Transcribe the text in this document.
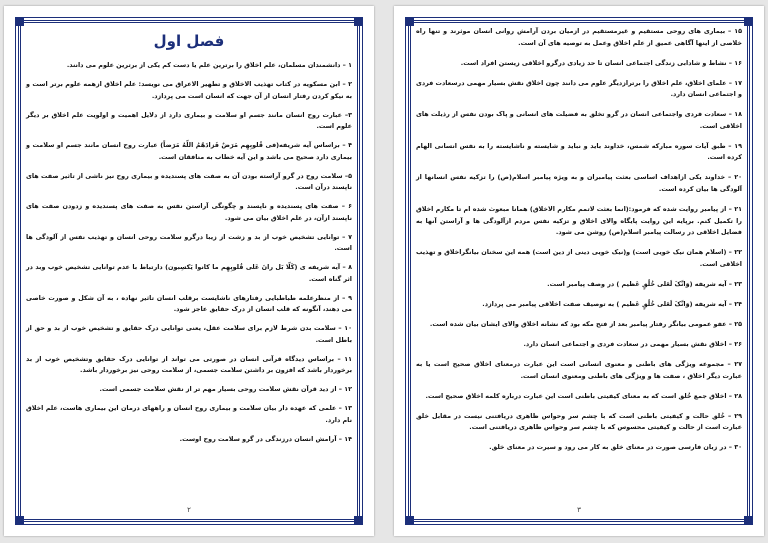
فصل اول
۱ – دانشمندان مسلمان، علم اخلاق را برترین علم یا دست کم یکی از برترین علوم می دانند.
۲ – ابن مسکویه در کتاب تهذیب الاخلاق و تطهیر الاعراق می نویسد: علم اخلاق ازهمه علوم برتر است و به نیکو کردن رفتار انسان از آن جهت که انسان است می پردازد.
۳– عبارت روح انسان مانند جسم او سلامت و بیماری دارد از دلایل اهمیت و اولویت علم اخلاق بر دیگر علوم است.
۴ – براساس آیه شریفه(فی قُلوبِهِم مَرَضٌ فَزادَهُمُ اللّهُ مَرَضاً) عبارت روح انسان مانند جسم او سلامت و بیماری دارد صحیح می باشد و این آیه خطاب به منافقان است.
۵– سلامت روح در گرو آراسته بودن آن به صفت های پسندیده و بیماری روح نیز ناشی از تاثیر صفت های ناپسند درآن است.
۶ – صفت های پسندیده و ناپسند و چگونگی آراستن نفس به صفت های پسندیده و زدودن صفت های ناپسند ازآن، در علم اخلاق بیان می شود.
۷ – توانایی تشخیص خوب از بد و زشت از زیبا درگرو سلامت روحی انسان و تهذیب نفس از آلودگی ها است.
۸ – آیه شریفه ی (کَلّا بَل رانَ عَلی قُلوبِهِم ما کانوا یَکسِبون) دارتباط با عدم توانایی تشخیص خوب وبد در اثر گناه است.
۹ – از منظرعلمه طباطبایی رفتارهای ناشایست برقلب انسان تاثیر نهاده ، به آن شکل و صورت خاصی می دهند، آنگونه که قلب انسان از درک حقایق عاجز شود.
۱۰ – سلامت بدن شرط لازم برای سلامت عقل، یعنی توانایی درک حقایق و تشخیص خوب از بد و حق از باطل است.
۱۱ – براساس دیدگاه قرآنی انسان در صورتی می تواند از توانایی درک حقایق وتشخیص خوب از بد برخوردار باشد که افزون بر داشتن سلامت جسمی، از سلامت روحی نیز برخوردار باشد.
۱۲ – از دید قرآن نقش سلامت روحی بسیار مهم تر از نقش سلامت جسمی است.
۱۳ – علمی که عهده دار بیان سلامت و بیماری روح انسان و راههای درمان این بیماری هاست، علم اخلاق نام دارد.
۱۴ – آرامش انسان درزندگی در گرو سلامت روح اوست.
۲
۱۵ – بیماری های روحی مستقیم و غیرمستقیم در ازمیان بردن آرامش روانی انسان موثرند و تنها راه خلاصی از اینها آگاهی عمیق از علم اخلاق وعمل به توصیه های آن است.
۱۶ – نشاط و شادابی زندگی اجتماعی انسان تا حد زیادی درگرو اخلاقی زیستن افراد است.
۱۷ – علمای اخلاق، علم اخلاق را برترازدیگر علوم می دانند چون اخلاق نقش بسیار مهمی درسعادت فردی و اجتماعی انسان دارد.
۱۸ – سعادت فردی واجتماعی انسان در گرو تخلق به فضیلت های انسانی و پاک بودن نفس از رذیلت های اخلاقی است.
۱۹ – طبق آیات سوره مبارکه شمس، خداوند باید و نباید و شایسته و ناشایسته را به نفس انسانی الهام کرده است.
۲۰ – خداوند یکی ازاهداف اساسی بعثت پیامبران و به ویژه پیامبر اسلام(ص) را تزکیه نفس انسانها از آلودگی ها بیان کرده است.
۲۱ – از پیامبر روایت شده که فرمود:(انما بعثت لاتمم مکارم الاخلاق) همانا مبعوث شده ام تا مکارم اخلاق را تکمیل کنم. برپایه این روایت پایگاه والای اخلاق و تزکیه نفس مردم ازآلودگی ها و آراستن آنها به فضایل اخلاقی در رسالت پیامبر اسلام(ص) روشن می شود.
۲۲ – (اسلام همان نیک خویی است) و(نیک خویی دینی از دین است) همه این سخنان بیانگراخلاق و تهذیب اخلاقی است.
۲۳ – آیه شریفه (وَانَّکَ لَعَلی خُلُقٍ عَظیم ) در وصف پیامبر است.
۲۴ – آیه شریفه (وَانَّکَ لَعَلی خُلُقٍ عَظیم ) به توصیف صفت اخلاقی پیامبر می پردازد.
۲۵ – عفو عمومی بیانگر رفتار پیامبر بعد از فتح مکه بود که نشانه اخلاق والای ایشان بیان شده است.
۲۶ – اخلاق نقش بسیار مهمی در سعادت فردی و اجتماعی انسان دارد.
۲۷ – مجموعه ویژگی های باطنی و معنوی انسانی است این عبارت درمعنای اخلاق صحیح است یا به عبارت دیگر اخلاق ، صفت ها و ویژگی های باطنی ومعنوی انسان است.
۲۸ – اخلاق جمع خُلق است که به معنای کیفیتی باطنی است این عبارت درباره کلمه اخلاق صحیح است.
۲۹ – خُلق حالت و کیفیتی باطنی است که با چشم سر وحواس ظاهری دریافتنی نیست در مقابل خلق عبارت است از حالت و کیفیتی محسوس که با چشم سر وحواس ظاهری دریافتنی است.
۳۰ – در زبان فارسی صورت در معنای خلق به کار می رود و سیرت در معنای خلق.
۳
